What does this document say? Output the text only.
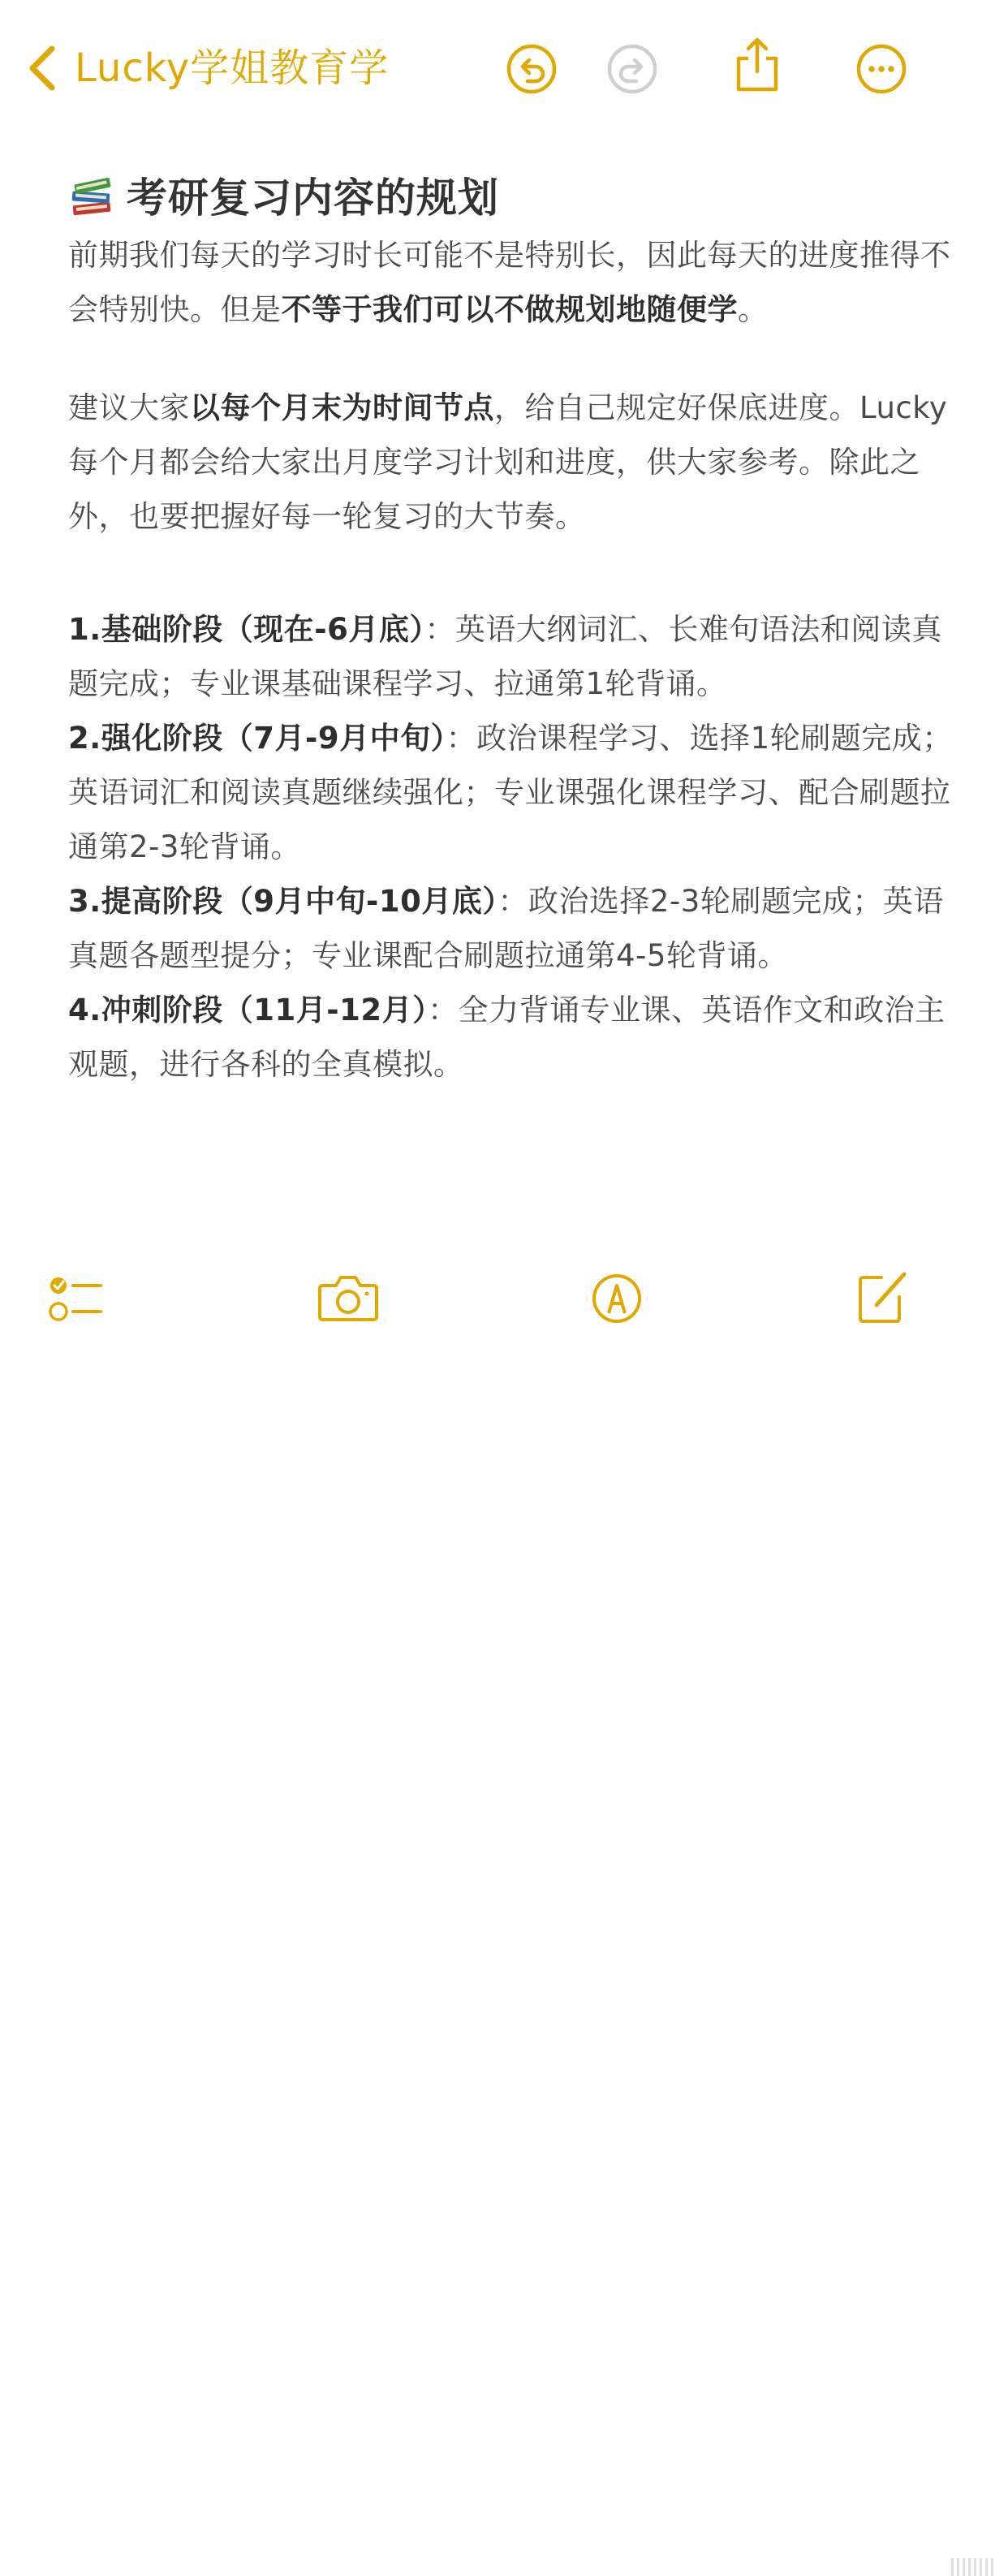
Lucky学姐教育学
考研复习内容的规划
前期我们每天的学习时长可能不是特别长，因此每天的进度推得不会特别快。但是不等于我们可以不做规划地随便学。
建议大家以每个月末为时间节点，给自己规定好保底进度。Lucky每个月都会给大家出月度学习计划和进度，供大家参考。除此之外，也要把握好每一轮复习的大节奏。
1.基础阶段（现在-6月底）：英语大纲词汇、长难句语法和阅读真题完成；专业课基础课程学习、拉通第1轮背诵。
2.强化阶段（7月-9月中旬）：政治课程学习、选择1轮刷题完成；英语词汇和阅读真题继续强化；专业课强化课程学习、配合刷题拉通第2-3轮背诵。
3.提高阶段（9月中旬-10月底）：政治选择2-3轮刷题完成；英语真题各题型提分；专业课配合刷题拉通第4-5轮背诵。
4.冲刺阶段（11月-12月）：全力背诵专业课、英语作文和政治主观题，进行各科的全真模拟。
